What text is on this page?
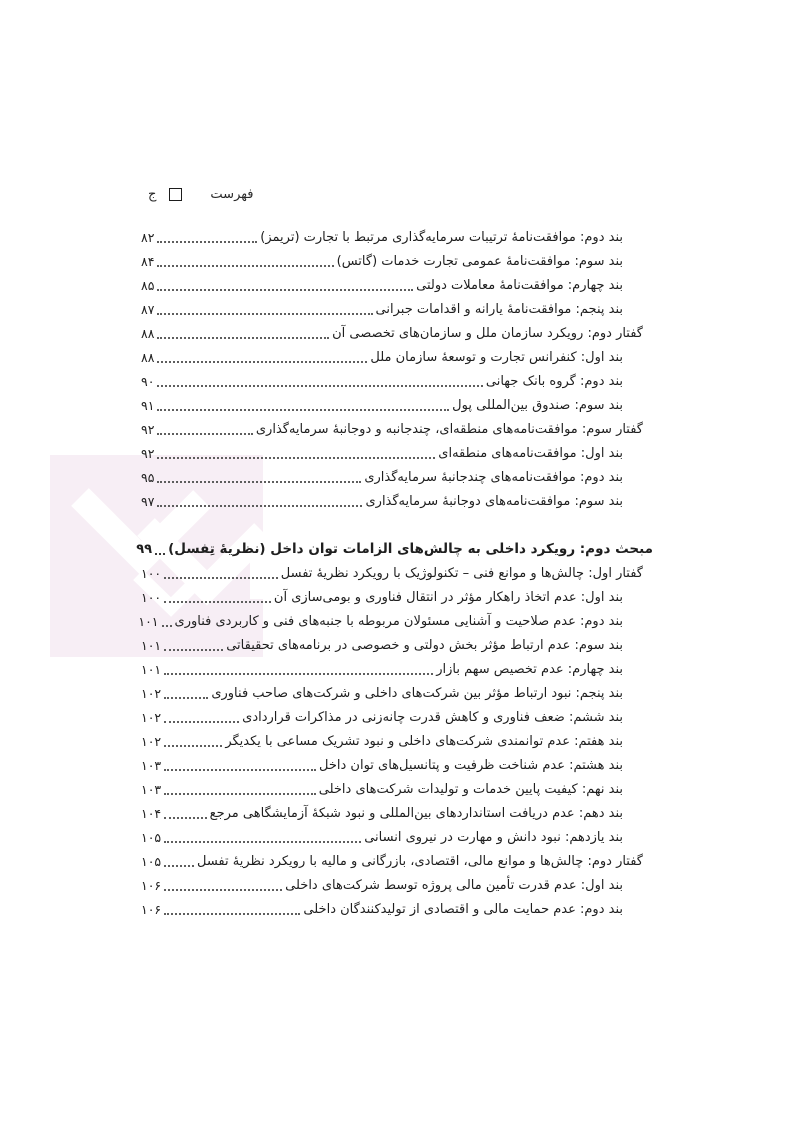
ج	فهرست
بند دوم: موافقت‌نامهٔ ترتیبات سرمایه‌گذاری مرتبط با تجارت (تریمز)
۸۲
بند سوم: موافقت‌نامهٔ عمومی تجارت خدمات (گاتس)
۸۴
بند چهارم: موافقت‌نامهٔ معاملات دولتی
۸۵
بند پنجم: موافقت‌نامهٔ یارانه و اقدامات جبرانی
۸۷
گفتار دوم: رویکرد سازمان ملل و سازمان‌های تخصصی آن
۸۸
بند اول: کنفرانس تجارت و توسعهٔ سازمان ملل
۸۸
بند دوم: گروه بانک جهانی
۹۰
بند سوم: صندوق بین‌المللی پول
۹۱
گفتار سوم: موافقت‌نامه‌های منطقه‌ای، چندجانبه و دوجانبهٔ سرمایه‌گذاری
۹۲
بند اول: موافقت‌نامه‌های منطقه‌ای
۹۲
بند دوم: موافقت‌نامه‌های چندجانبهٔ سرمایه‌گذاری
۹۵
بند سوم: موافقت‌نامه‌های دوجانبهٔ سرمایه‌گذاری
۹۷
مبحث دوم: رویکرد داخلی به چالش‌های الزامات توان داخل (نظریهٔ تِفسل)
۹۹
گفتار اول: چالش‌ها و موانع فنی – تکنولوژیک با رویکرد نظریهٔ تفسل
۱۰۰
بند اول: عدم اتخاذ راهکار مؤثر در انتقال فناوری و بومی‌سازی آن
۱۰۰
بند دوم: عدم صلاحیت و آشنایی مسئولان مربوطه با جنبه‌های فنی و کاربردی فناوری
۱۰۱
بند سوم: عدم ارتباط مؤثر بخش دولتی و خصوصی در برنامه‌های تحقیقاتی
۱۰۱
بند چهارم: عدم تخصیص سهم بازار
۱۰۱
بند پنجم: نبود ارتباط مؤثر بین شرکت‌های داخلی و شرکت‌های صاحب فناوری
۱۰۲
بند ششم: ضعف فناوری و کاهش قدرت چانه‌زنی در مذاکرات قراردادی
۱۰۲
بند هفتم: عدم توانمندی شرکت‌های داخلی و نبود تشریک مساعی با یکدیگر
۱۰۲
بند هشتم: عدم شناخت ظرفیت و پتانسیل‌های توان داخل
۱۰۳
بند نهم: کیفیت پایین خدمات و تولیدات شرکت‌های داخلی
۱۰۳
بند دهم: عدم دریافت استانداردهای بین‌المللی و نبود شبکهٔ آزمایشگاهی مرجع
۱۰۴
بند یازدهم: نبود دانش و مهارت در نیروی انسانی
۱۰۵
گفتار دوم: چالش‌ها و موانع مالی، اقتصادی، بازرگانی و مالیه با رویکرد نظریهٔ تفسل
۱۰۵
بند اول: عدم قدرت تأمین مالی پروژه توسط شرکت‌های داخلی
۱۰۶
بند دوم: عدم حمایت مالی و اقتصادی از تولیدکنندگان داخلی
۱۰۶
